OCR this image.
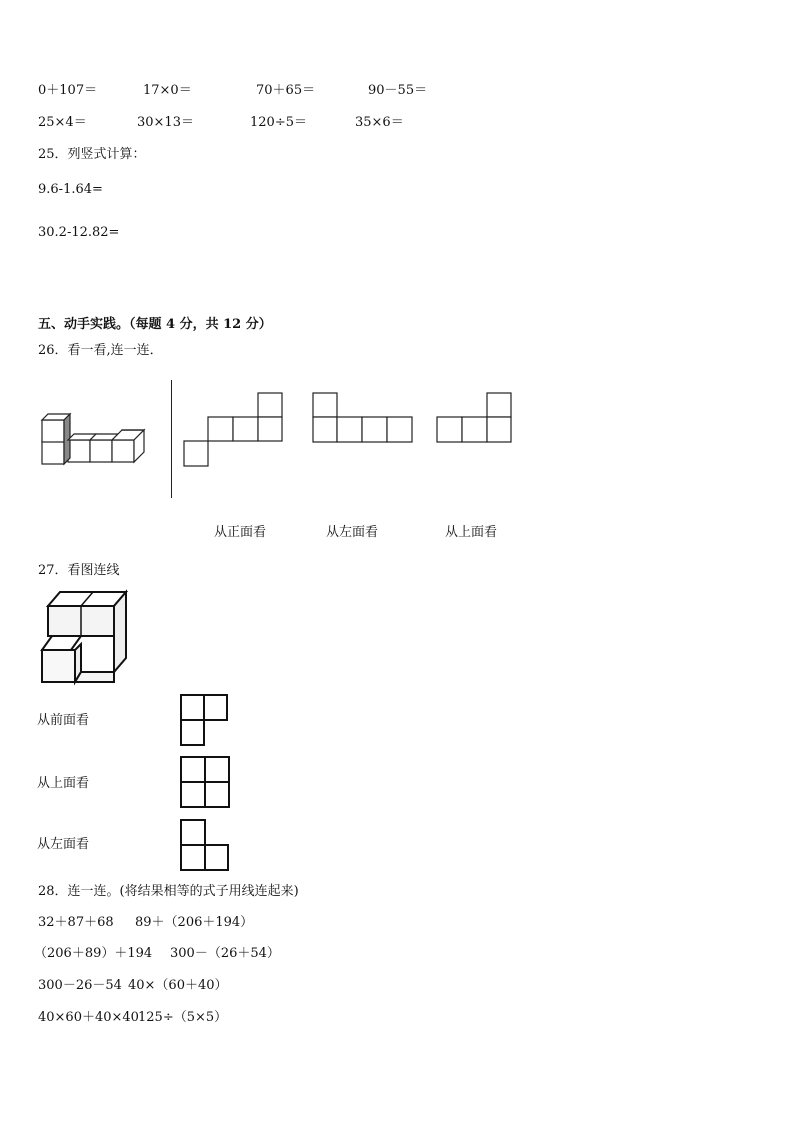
0＋107＝	17×0＝	70＋65＝	90－55＝
25×4＝	30×13＝	120÷5＝	35×6＝
25．列竖式计算：
9.6-1.64=
30.2-12.82=
五、动手实践。（每题 4 分，共 12 分）
26．看一看,连一连．
从正面看	从左面看	从上面看
27．看图连线
从前面看
从上面看
从左面看
28．连一连。(将结果相等的式子用线连起来)
32＋87＋68 89＋（206＋194）
（206＋89）＋194 300－（26＋54）
300－26－54 40×（60＋40）
40×60＋40×40 125÷（5×5）
